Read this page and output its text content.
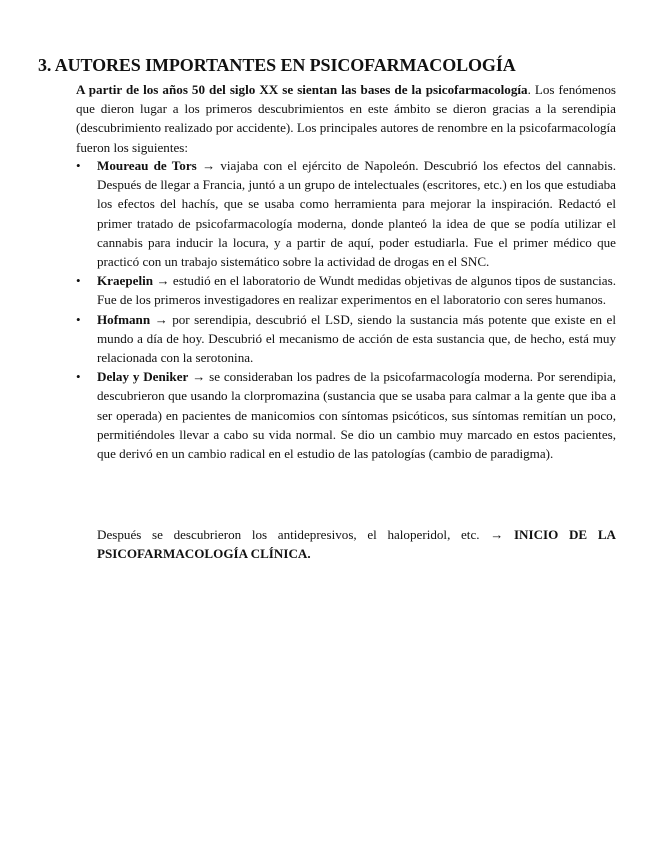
3. AUTORES IMPORTANTES EN PSICOFARMACOLOGÍA

A partir de los años 50 del siglo XX se sientan las bases de la psicofarmacología. Los fenómenos que dieron lugar a los primeros descubrimientos en este ámbito se dieron gracias a la serendipia (descubrimiento realizado por accidente). Los principales autores de renombre en la psicofarmacología fueron los siguientes:

• Moureau de Tors → viajaba con el ejército de Napoleón. Descubrió los efectos del cannabis. Después de llegar a Francia, juntó a un grupo de intelectuales (escritores, etc.) en los que estudiaba los efectos del hachís, que se usaba como herramienta para mejorar la inspiración. Redactó el primer tratado de psicofarmacología moderna, donde planteó la idea de que se podía utilizar el cannabis para inducir la locura, y a partir de aquí, poder estudiarla. Fue el primer médico que practicó con un trabajo sistemático sobre la actividad de drogas en el SNC.
• Kraepelin → estudió en el laboratorio de Wundt medidas objetivas de algunos tipos de sustancias. Fue de los primeros investigadores en realizar experimentos en el laboratorio con seres humanos.
• Hofmann → por serendipia, descubrió el LSD, siendo la sustancia más potente que existe en el mundo a día de hoy. Descubrió el mecanismo de acción de esta sustancia que, de hecho, está muy relacionada con la serotonina.
• Delay y Deniker → se consideraban los padres de la psicofarmacología moderna. Por serendipia, descubrieron que usando la clorpromazina (sustancia que se usaba para calmar a la gente que iba a ser operada) en pacientes de manicomios con síntomas psicóticos, sus síntomas remitían un poco, permitiéndoles llevar a cabo su vida normal. Se dio un cambio muy marcado en estos pacientes, que derivó en un cambio radical en el estudio de las patologías (cambio de paradigma).

Después se descubrieron los antidepresivos, el haloperidol, etc. → INICIO DE LA PSICOFARMACOLOGÍA CLÍNICA.
